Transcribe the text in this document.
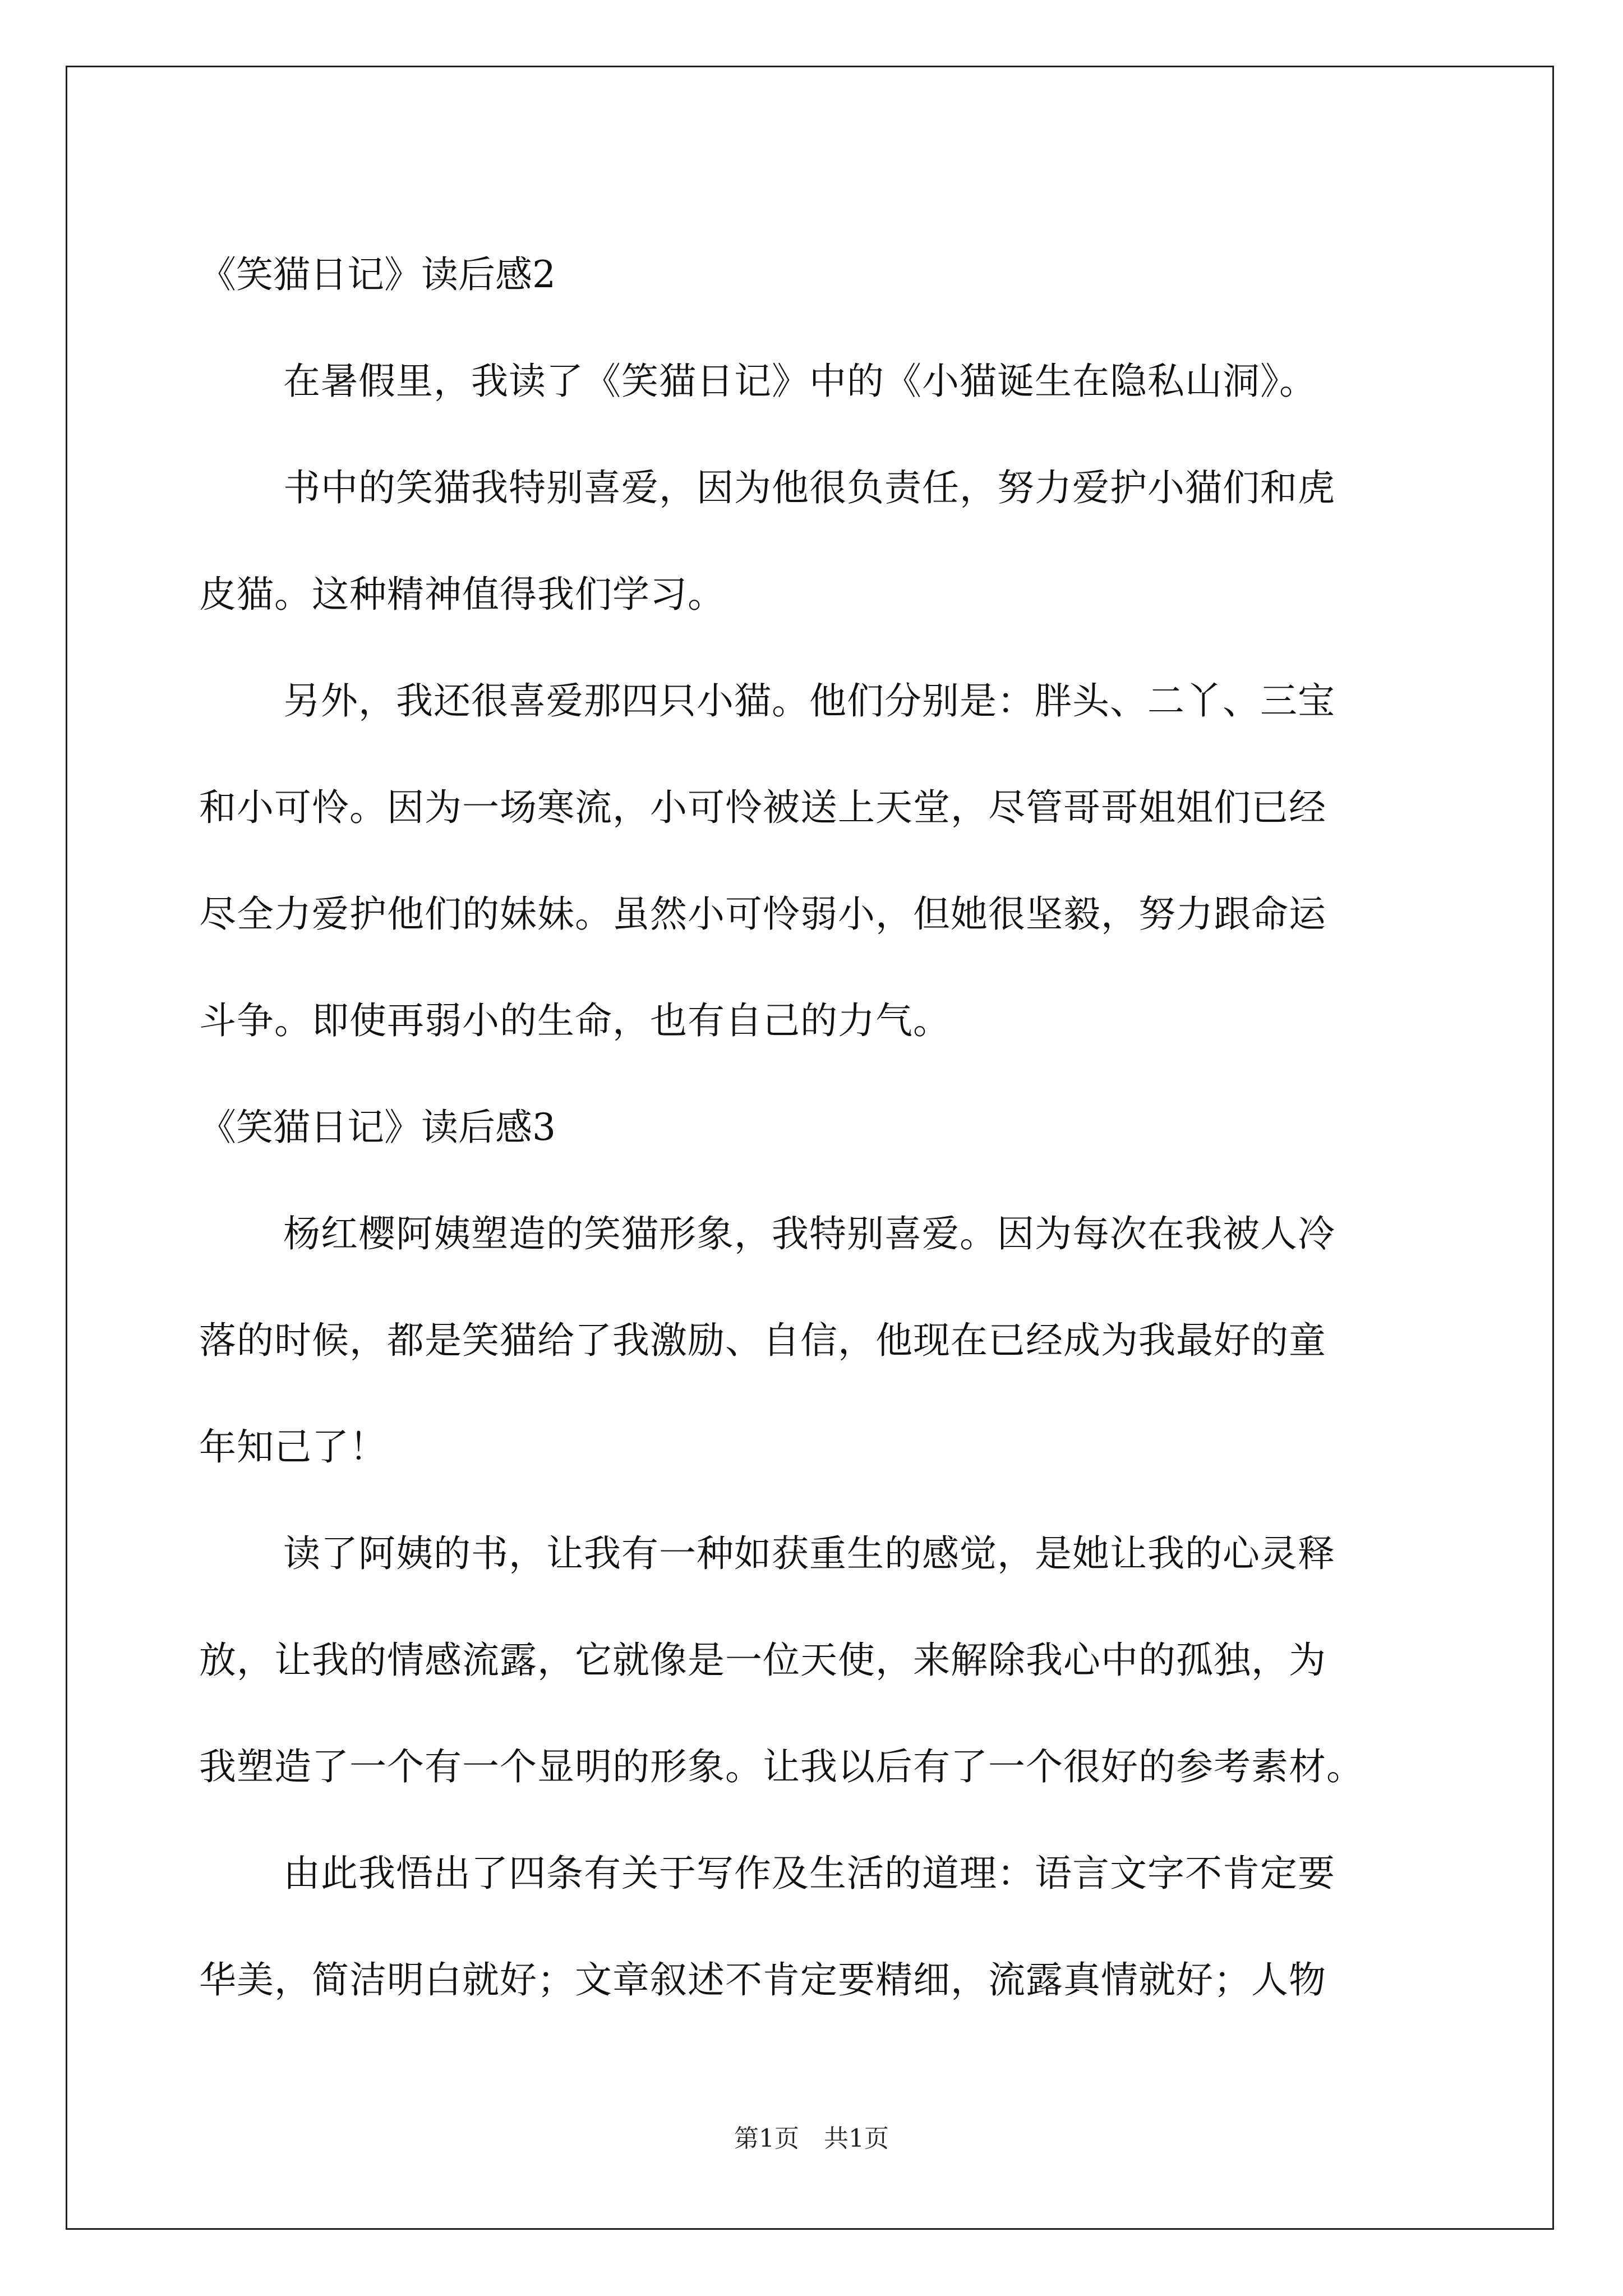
《笑猫日记》读后感2
在暑假里，我读了《笑猫日记》中的《小猫诞生在隐私山洞》。
书中的笑猫我特别喜爱，因为他很负责任，努力爱护小猫们和虎
皮猫。这种精神值得我们学习。
另外，我还很喜爱那四只小猫。他们分别是：胖头、二丫、三宝
和小可怜。因为一场寒流，小可怜被送上天堂，尽管哥哥姐姐们已经
尽全力爱护他们的妹妹。虽然小可怜弱小，但她很坚毅，努力跟命运
斗争。即使再弱小的生命，也有自己的力气。
《笑猫日记》读后感3
杨红樱阿姨塑造的笑猫形象，我特别喜爱。因为每次在我被人冷
落的时候，都是笑猫给了我激励、自信，他现在已经成为我最好的童
年知己了！
读了阿姨的书，让我有一种如获重生的感觉，是她让我的心灵释
放，让我的情感流露，它就像是一位天使，来解除我心中的孤独，为
我塑造了一个有一个显明的形象。让我以后有了一个很好的参考素材。
由此我悟出了四条有关于写作及生活的道理：语言文字不肯定要
华美，简洁明白就好；文章叙述不肯定要精细，流露真情就好；人物
第1页　共1页
